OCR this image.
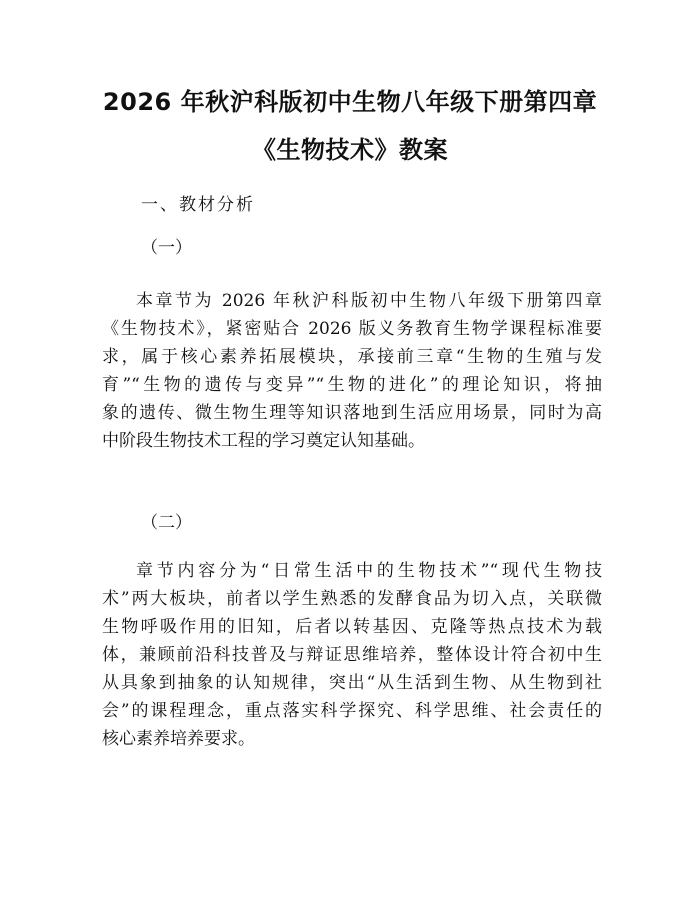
2026 年秋沪科版初中生物八年级下册第四章
《生物技术》教案

一、教材分析

（一）

本章节为 2026 年秋沪科版初中生物八年级下册第四章
《生物技术》，紧密贴合 2026 版义务教育生物学课程标准要
求，属于核心素养拓展模块，承接前三章“生物的生殖与发
育”“生物的遗传与变异”“生物的进化”的理论知识，将抽
象的遗传、微生物生理等知识落地到生活应用场景，同时为高
中阶段生物技术工程的学习奠定认知基础。

（二）

章节内容分为“日常生活中的生物技术”“现代生物技
术”两大板块，前者以学生熟悉的发酵食品为切入点，关联微
生物呼吸作用的旧知，后者以转基因、克隆等热点技术为载
体，兼顾前沿科技普及与辩证思维培养，整体设计符合初中生
从具象到抽象的认知规律，突出“从生活到生物、从生物到社
会”的课程理念，重点落实科学探究、科学思维、社会责任的
核心素养培养要求。
